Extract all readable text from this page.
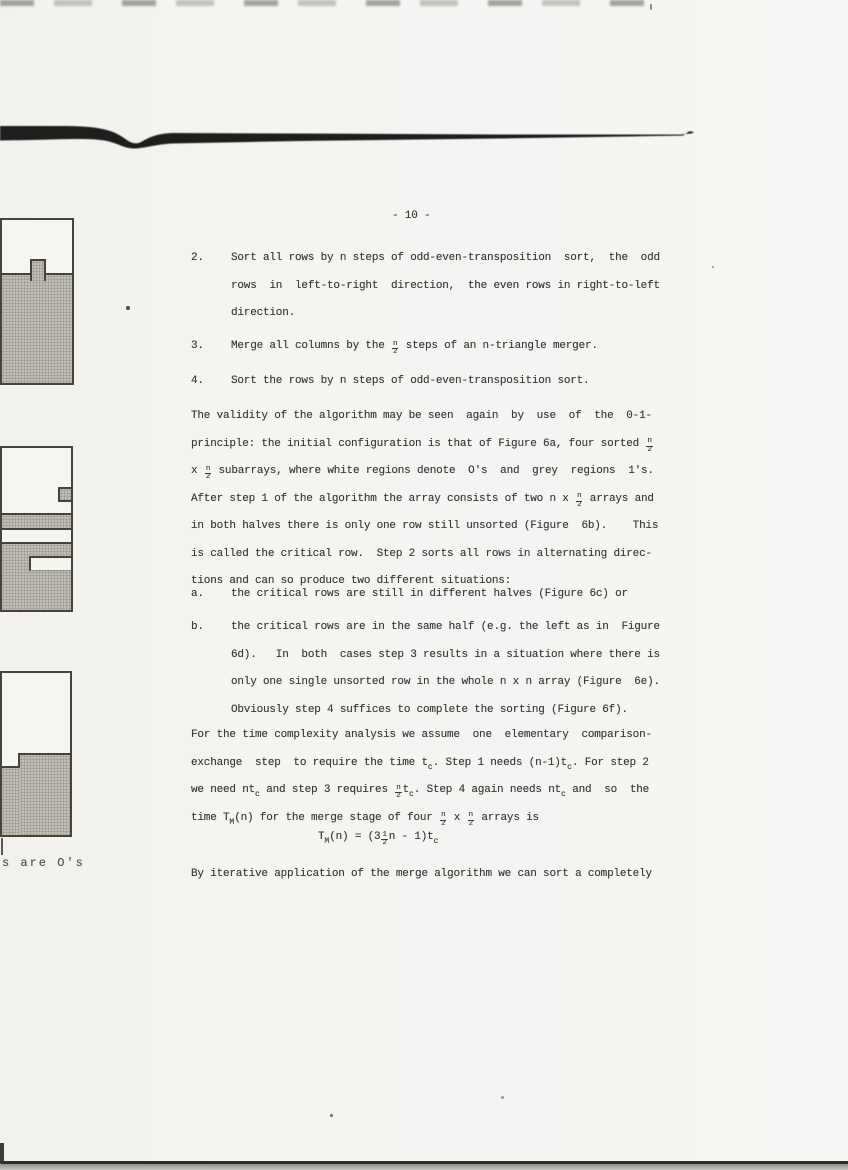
- 10 -
Sort all rows by n steps of odd-even-transposition  sort,  the  odd
2.
rows  in  left-to-right  direction,  the even rows in right-to-left
direction.
Merge all columns by the $\frac{n}{2}$ steps of an n-triangle merger.
3.
Sort the rows by n steps of odd-even-transposition sort.
4.
The validity of the algorithm may be seen  again  by  use  of  the  0-1-
principle: the initial configuration is that of Figure 6a, four sorted $\frac{n}{2}$
x $\frac{n}{2}$ subarrays, where white regions denote  O's  and  grey  regions  1's.
After step 1 of the algorithm the array consists of two n x $\frac{n}{2}$ arrays and
in both halves there is only one row still unsorted (Figure  6b).    This
is called the critical row.  Step 2 sorts all rows in alternating direc-
tions and can so produce two different situations:
the critical rows are still in different halves (Figure 6c) or
a.
the critical rows are in the same half (e.g. the left as in  Figure
b.
6d).   In  both  cases step 3 results in a situation where there is
only one single unsorted row in the whole n x n array (Figure  6e).
Obviously step 4 suffices to complete the sorting (Figure 6f).
For the time complexity analysis we assume  one  elementary  comparison-
exchange  step  to require the time $t_c$. Step 1 needs $(n-1)t_c$. For step 2
we need $nt_c$ and step 3 requires $\frac{n}{2} t_c$. Step 4 again needs $nt_c$ and  so  the
time $T_M(n)$ for the merge stage of four $\frac{n}{2}$ x $\frac{n}{2}$ arrays is
$T_M(n) = (3 \frac{1}{2}$ n - $1)t_c$
By iterative application of the merge algorithm we can sort a completely
s are O's
